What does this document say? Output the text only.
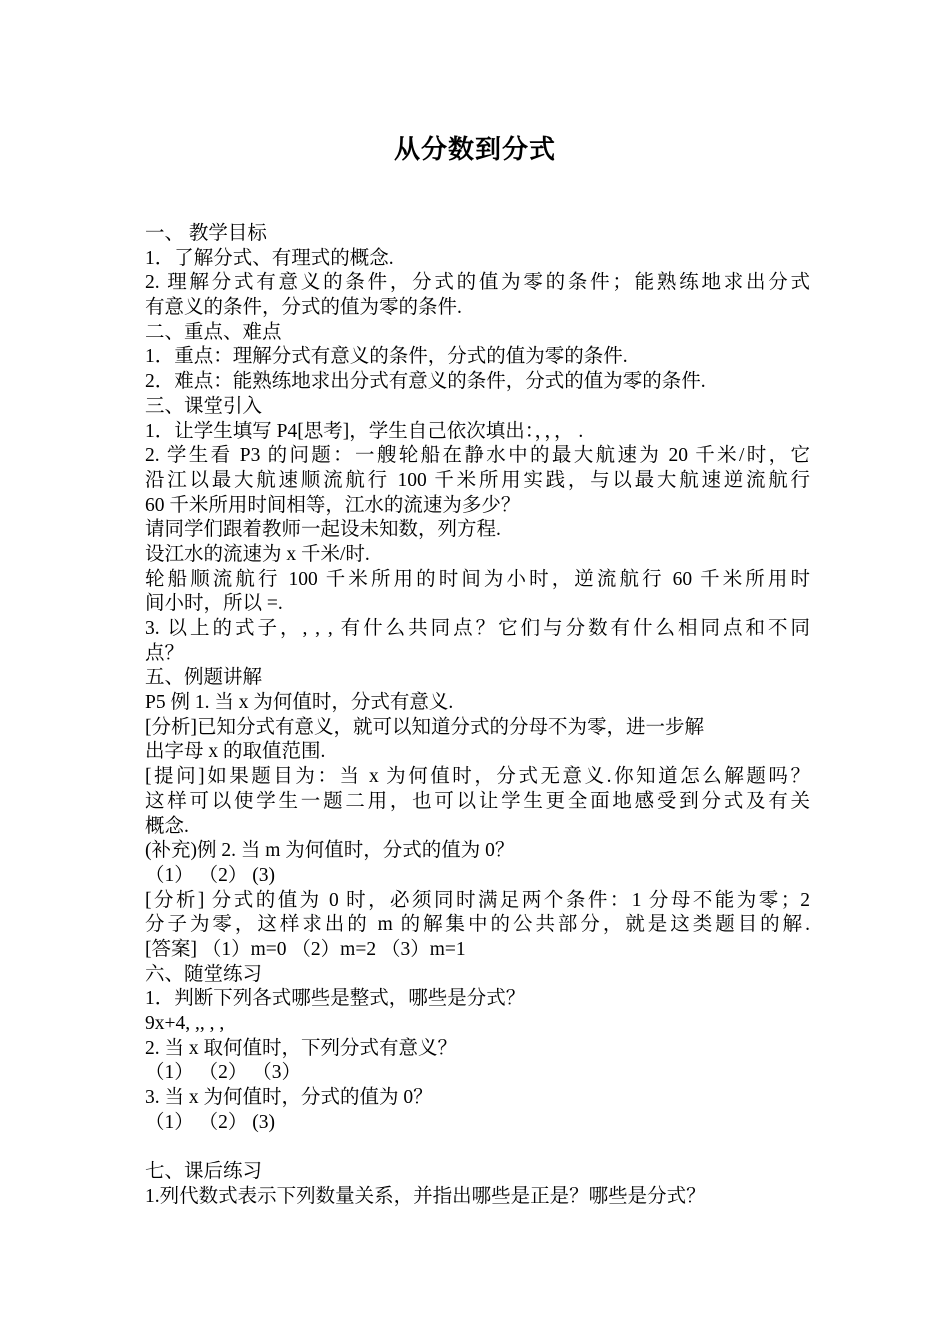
从分数到分式
一、 教学目标
1．了解分式、有理式的概念.
2. 理解分式有意义的条件，分式的值为零的条件；能熟练地求出分式
有意义的条件，分式的值为零的条件.
二、重点、难点
1．重点：理解分式有意义的条件，分式的值为零的条件.
2．难点：能熟练地求出分式有意义的条件，分式的值为零的条件.
三、课堂引入
1．让学生填写 P4[思考]，学生自己依次填出：，，， .
2. 学生看 P3 的问题：一艘轮船在静水中的最大航速为 20 千米/时，它
沿江以最大航速顺流航行 100 千米所用实践，与以最大航速逆流航行
60 千米所用时间相等，江水的流速为多少？
请同学们跟着教师一起设未知数，列方程.
设江水的流速为 x 千米/时.
轮船顺流航行 100 千米所用的时间为小时，逆流航行 60 千米所用时
间小时，所以 =.
3. 以上的式子，, , , 有什么共同点？它们与分数有什么相同点和不同
点？
五、例题讲解
P5 例 1. 当 x 为何值时，分式有意义.
[分析]已知分式有意义，就可以知道分式的分母不为零，进一步解
出字母 x 的取值范围.
[提问]如果题目为：当 x 为何值时，分式无意义.你知道怎么解题吗？
这样可以使学生一题二用，也可以让学生更全面地感受到分式及有关
概念.
(补充)例 2. 当 m 为何值时，分式的值为 0？
（1） （2） (3)
[分析] 分式的值为 0 时，必须同时满足两个条件：1 分母不能为零；2
分子为零，这样求出的 m 的解集中的公共部分，就是这类题目的解.
[答案] （1）m=0 （2）m=2 （3）m=1
六、随堂练习
1．判断下列各式哪些是整式，哪些是分式？
9x+4, ,, , ,
2. 当 x 取何值时，下列分式有意义？
（1） （2） （3）
3. 当 x 为何值时，分式的值为 0？
（1） （2） (3)
七、课后练习
1.列代数式表示下列数量关系，并指出哪些是正是？哪些是分式？
